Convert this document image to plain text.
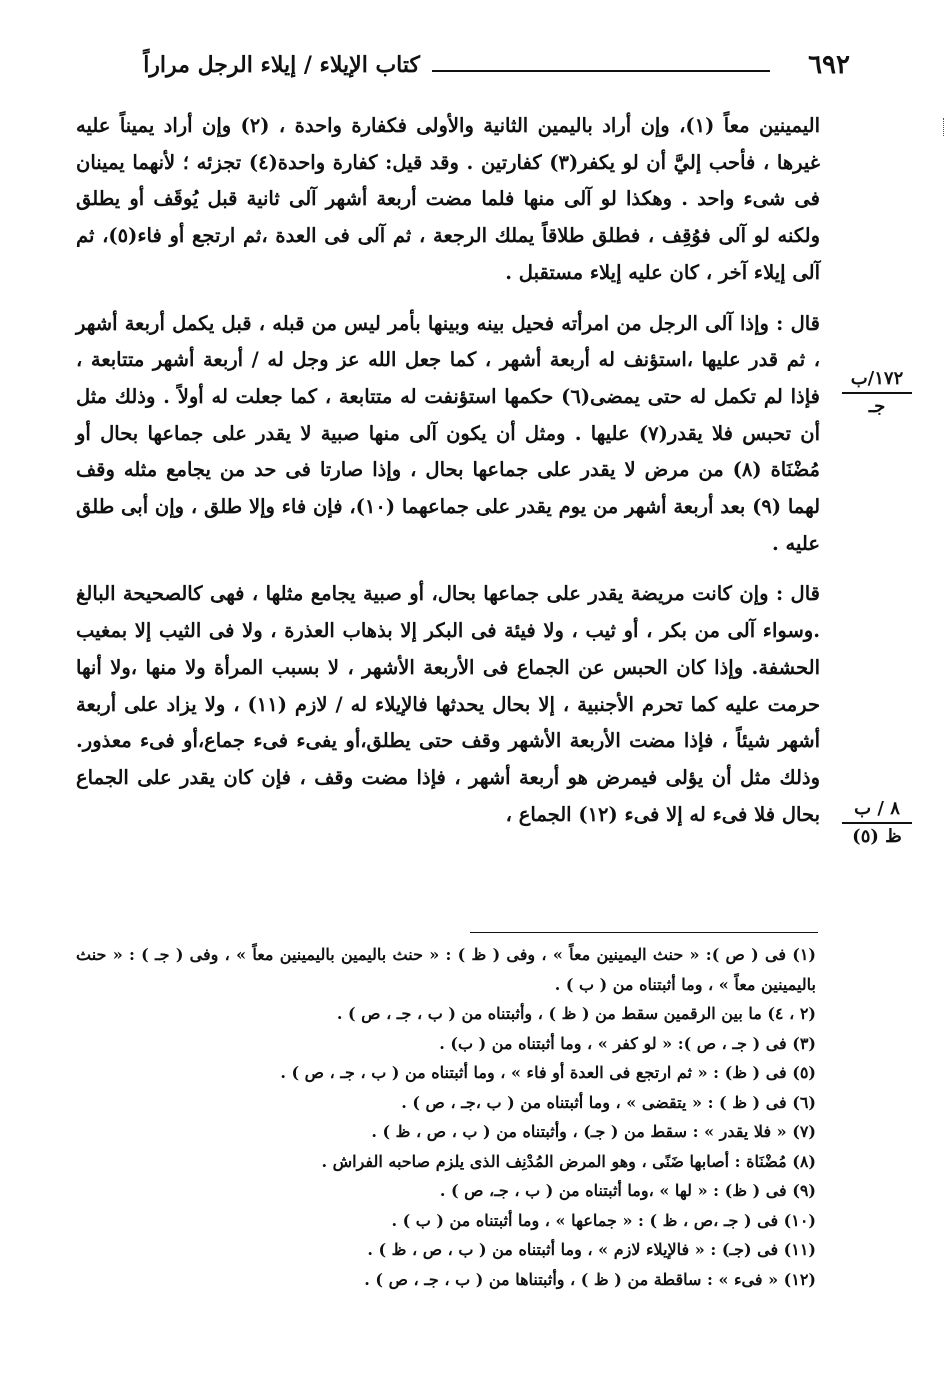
٦٩٢
كتاب الإيلاء / إيلاء الرجل مراراً

اليمينين معاً (١)، وإن أراد باليمين الثانية والأولى فكفارة واحدة ، (٢) وإن أراد يميناً عليه غيرها ، فأحب إليَّ أن لو يكفر(٣) كفارتين . وقد قيل: كفارة واحدة(٤) تجزئه ؛ لأنهما يمينان فى شىء واحد . وهكذا لو آلى منها فلما مضت أربعة أشهر آلى ثانية قبل يُوقَف أو يطلق ولكنه لو آلى فوُقِف ، فطلق طلاقاً يملك الرجعة ، ثم آلى فى العدة ،ثم ارتجع أو فاء(٥)، ثم آلى إيلاء آخر ، كان عليه إيلاء مستقبل .

قال : وإذا آلى الرجل من امرأته فحيل بينه وبينها بأمر ليس من قبله ، قبل يكمل أربعة أشهر ، ثم قدر عليها ،استؤنف له أربعة أشهر ، كما جعل الله عز وجل له / أربعة أشهر متتابعة ، فإذا لم تكمل له حتى يمضى(٦) حكمها استؤنفت له متتابعة ، كما جعلت له أولاً . وذلك مثل أن تحبس فلا يقدر(٧) عليها . ومثل أن يكون آلى منها صبية لا يقدر على جماعها بحال أو مُضْنَاة (٨) من مرض لا يقدر على جماعها بحال ، وإذا صارتا فى حد من يجامع مثله وقف لهما (٩) بعد أربعة أشهر من يوم يقدر على جماعهما (١٠)، فإن فاء وإلا طلق ، وإن أبى طلق عليه .

قال : وإن كانت مريضة يقدر على جماعها بحال، أو صبية يجامع مثلها ، فهى كالصحيحة البالغ .وسواء آلى من بكر ، أو ثيب ، ولا فيئة فى البكر إلا بذهاب العذرة ، ولا فى الثيب إلا بمغيب الحشفة. وإذا كان الحبس عن الجماع فى الأربعة الأشهر ، لا بسبب المرأة ولا منها ،ولا أنها حرمت عليه كما تحرم الأجنبية ، إلا بحال يحدثها فالإيلاء له / لازم (١١) ، ولا يزاد على أربعة أشهر شيئاً ، فإذا مضت الأربعة الأشهر وقف حتى يطلق،أو يفىء فىء جماع،أو فىء معذور. وذلك مثل أن يؤلى فيمرض هو أربعة أشهر ، فإذا مضت وقف ، فإن كان يقدر على الجماع بحال فلا فىء له إلا فىء (١٢) الجماع ،

١٧٢/ب
جـ
٨ / ب
ظ (٥)

(١) فى ( ص ): « حنث اليمينين معاً » ، وفى ( ظ ) : « حنث باليمين باليمينين معاً » ، وفى ( جـ ) : « حنث باليمينين معاً » ، وما أثبتناه من ( ب ) .

(٢ ، ٤) ما بين الرقمين سقط من ( ظ ) ، وأثبتناه من ( ب ، جـ ، ص ) .

(٣) فى ( جـ ، ص ): « لو كفر » ، وما أثبتناه من ( ب) .

(٥) فى ( ظ) : « ثم ارتجع فى العدة أو فاء » ، وما أثبتناه من ( ب ، جـ ، ص ) .

(٦) فى ( ظ ) : « يتقضى » ، وما أثبتناه من ( ب ،جـ ، ص ) .

(٧) « فلا يقدر » : سقط من ( جـ) ، وأثبتناه من ( ب ، ص ، ظ ) .

(٨) مُضْنَاة : أصابها ضَنًى ، وهو المرض المُدْنِف الذى يلزم صاحبه الفراش .

(٩) فى ( ظ) : « لها » ،وما أثبتناه من ( ب ، جـ، ص ) .

(١٠) فى ( جـ ،ص ، ظ ) : « جماعها » ، وما أثبتناه من ( ب ) .

(١١) فى (جـ) : « فالإيلاء لازم » ، وما أثبتناه من ( ب ، ص ، ظ ) .

(١٢) « فىء » : ساقطة من ( ظ ) ، وأثبتناها من ( ب ، جـ ، ص ) .
